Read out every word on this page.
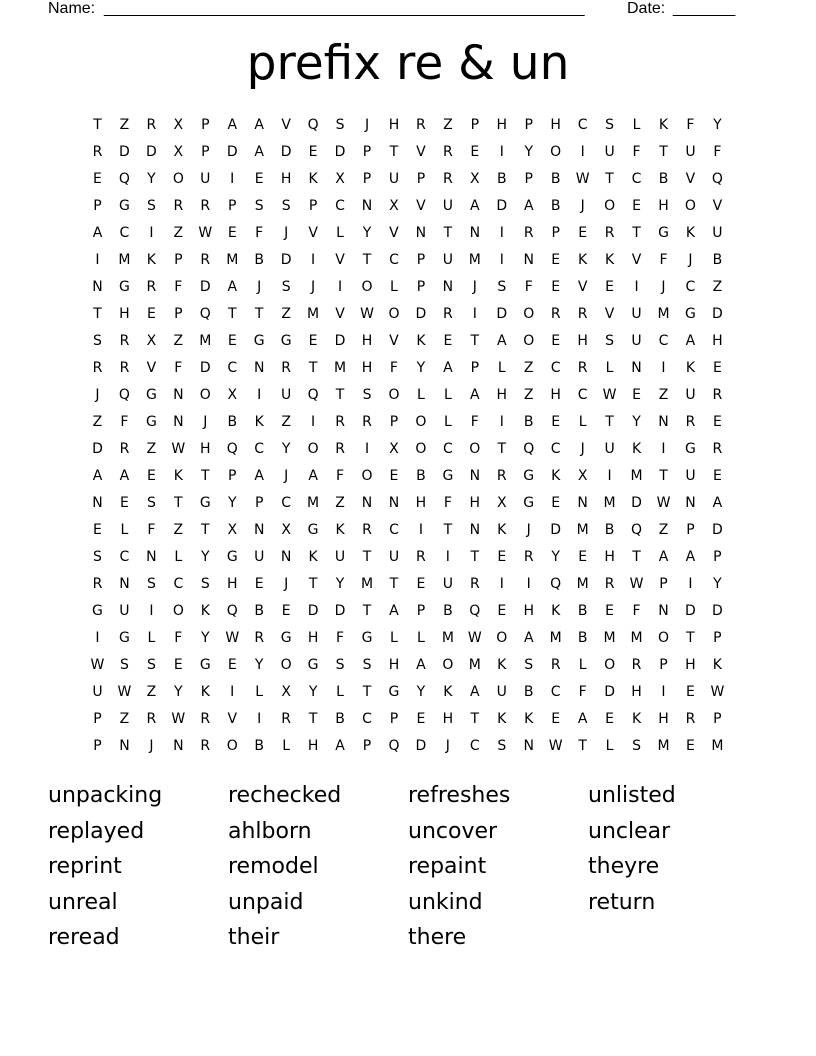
Name: ______________________________________________________	Date: _______
prefix re & un
T	Z	R	X	P	A	A	V	Q	S	J	H	R	Z	P	H	P	H	C	S	L	K	F	Y
R	D	D	X	P	D	A	D	E	D	P	T	V	R	E	I	Y	O	I	U	F	T	U	F
E	Q	Y	O	U	I	E	H	K	X	P	U	P	R	X	B	P	B	W	T	C	B	V	Q
P	G	S	R	R	P	S	S	P	C	N	X	V	U	A	D	A	B	J	O	E	H	O	V
A	C	I	Z	W	E	F	J	V	L	Y	V	N	T	N	I	R	P	E	R	T	G	K	U
I	M	K	P	R	M	B	D	I	V	T	C	P	U	M	I	N	E	K	K	V	F	J	B
N	G	R	F	D	A	J	S	J	I	O	L	P	N	J	S	F	E	V	E	I	J	C	Z
T	H	E	P	Q	T	T	Z	M	V	W	O	D	R	I	D	O	R	R	V	U	M	G	D
S	R	X	Z	M	E	G	G	E	D	H	V	K	E	T	A	O	E	H	S	U	C	A	H
R	R	V	F	D	C	N	R	T	M	H	F	Y	A	P	L	Z	C	R	L	N	I	K	E
J	Q	G	N	O	X	I	U	Q	T	S	O	L	L	A	H	Z	H	C	W	E	Z	U	R
Z	F	G	N	J	B	K	Z	I	R	R	P	O	L	F	I	B	E	L	T	Y	N	R	E
D	R	Z	W	H	Q	C	Y	O	R	I	X	O	C	O	T	Q	C	J	U	K	I	G	R
A	A	E	K	T	P	A	J	A	F	O	E	B	G	N	R	G	K	X	I	M	T	U	E
N	E	S	T	G	Y	P	C	M	Z	N	N	H	F	H	X	G	E	N	M	D	W	N	A
E	L	F	Z	T	X	N	X	G	K	R	C	I	T	N	K	J	D	M	B	Q	Z	P	D
S	C	N	L	Y	G	U	N	K	U	T	U	R	I	T	E	R	Y	E	H	T	A	A	P
R	N	S	C	S	H	E	J	T	Y	M	T	E	U	R	I	I	Q	M	R	W	P	I	Y
G	U	I	O	K	Q	B	E	D	D	T	A	P	B	Q	E	H	K	B	E	F	N	D	D
I	G	L	F	Y	W	R	G	H	F	G	L	L	M W	O	A	M	B	M	M	O	T	P
W	S	S	E	G	E	Y	O	G	S	S	H	A	O	M	K	S	R	L	O	R	P	H	K
U	W	Z	Y	K	I	L	X	Y	L	T	G	Y	K	A	U	B	C	F	D	H	I	E	W
P	Z	R	W	R	V	I	R	T	B	C	P	E	H	T	K	K	E	A	E	K	H	R	P
P	N	J	N	R	O	B	L	H	A	P	Q	D	J	C	S	N	W	T	L	S	M	E	M
unpacking	rechecked	refreshes	unlisted
replayed	ahlborn	uncover	unclear
reprint	remodel	repaint	theyre
unreal	unpaid	unkind	return
reread	their	there
